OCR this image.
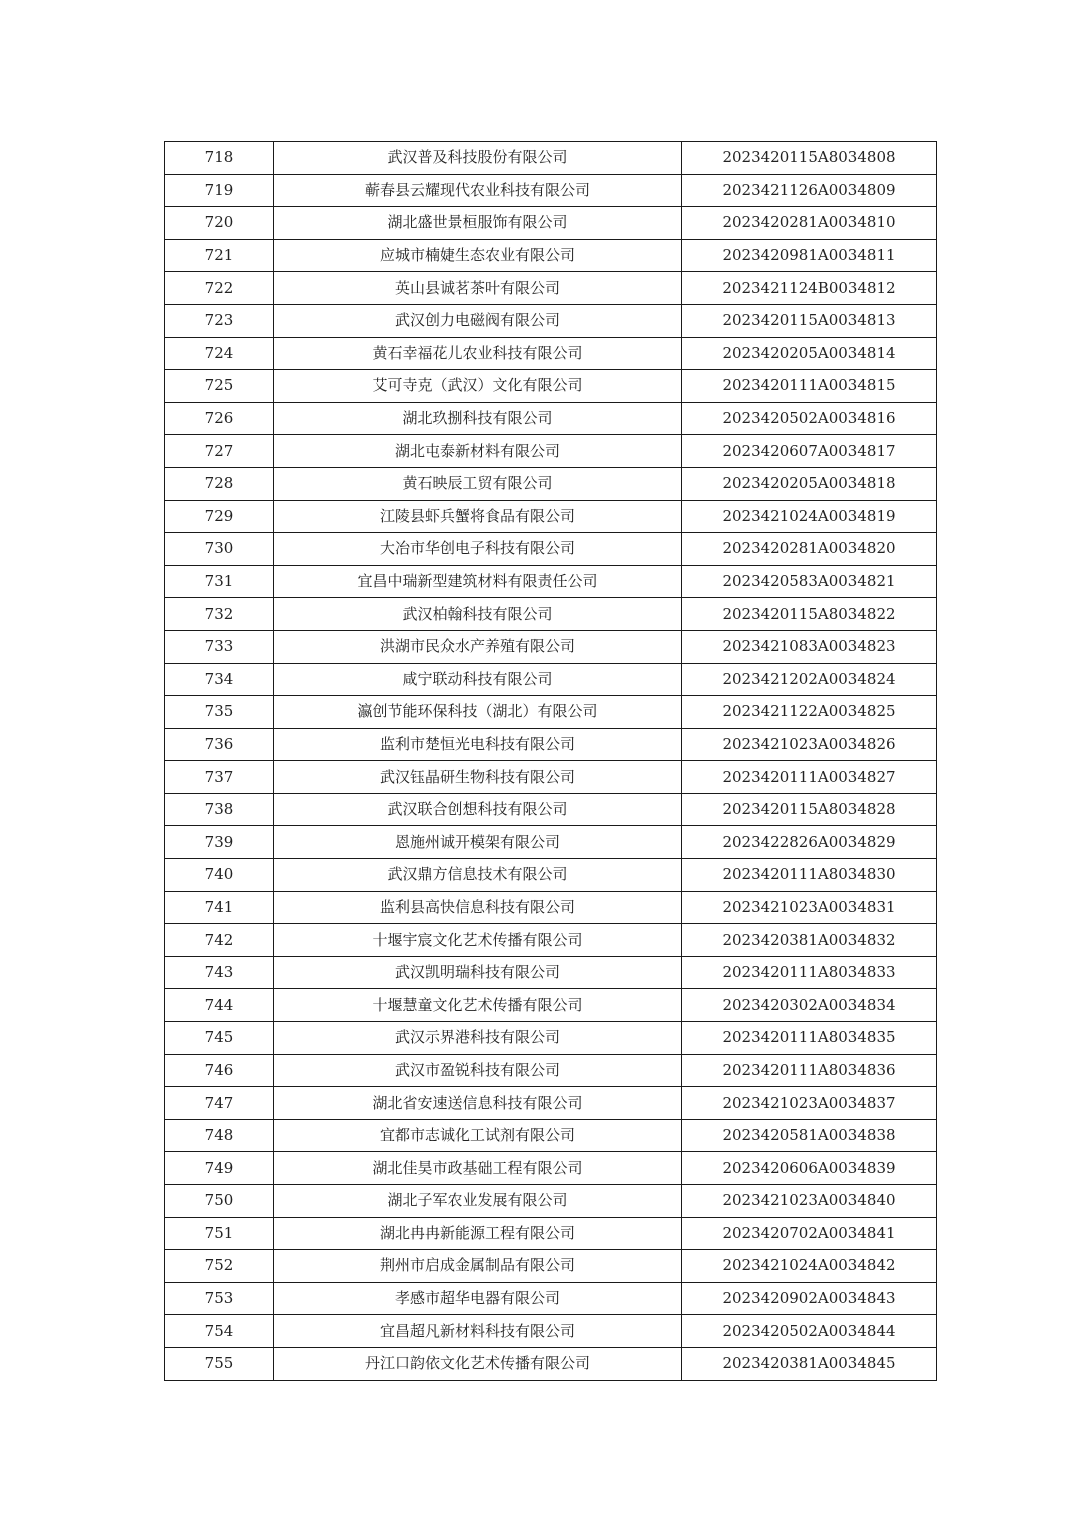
718	武汉普及科技股份有限公司	2023420115A8034808
719	蕲春县云耀现代农业科技有限公司	2023421126A0034809
720	湖北盛世景桓服饰有限公司	2023420281A0034810
721	应城市楠婕生态农业有限公司	2023420981A0034811
722	英山县诚茗茶叶有限公司	2023421124B0034812
723	武汉创力电磁阀有限公司	2023420115A0034813
724	黄石幸福花儿农业科技有限公司	2023420205A0034814
725	艾可寺克（武汉）文化有限公司	2023420111A0034815
726	湖北玖捌科技有限公司	2023420502A0034816
727	湖北屯泰新材料有限公司	2023420607A0034817
728	黄石映辰工贸有限公司	2023420205A0034818
729	江陵县虾兵蟹将食品有限公司	2023421024A0034819
730	大冶市华创电子科技有限公司	2023420281A0034820
731	宜昌中瑞新型建筑材料有限责任公司	2023420583A0034821
732	武汉柏翰科技有限公司	2023420115A8034822
733	洪湖市民众水产养殖有限公司	2023421083A0034823
734	咸宁联动科技有限公司	2023421202A0034824
735	瀛创节能环保科技（湖北）有限公司	2023421122A0034825
736	监利市楚恒光电科技有限公司	2023421023A0034826
737	武汉钰晶研生物科技有限公司	2023420111A0034827
738	武汉联合创想科技有限公司	2023420115A8034828
739	恩施州诚开模架有限公司	2023422826A0034829
740	武汉鼎方信息技术有限公司	2023420111A8034830
741	监利县高快信息科技有限公司	2023421023A0034831
742	十堰宇宸文化艺术传播有限公司	2023420381A0034832
743	武汉凯明瑞科技有限公司	2023420111A8034833
744	十堰慧童文化艺术传播有限公司	2023420302A0034834
745	武汉示界港科技有限公司	2023420111A8034835
746	武汉市盈锐科技有限公司	2023420111A8034836
747	湖北省安速送信息科技有限公司	2023421023A0034837
748	宜都市志诚化工试剂有限公司	2023420581A0034838
749	湖北佳昊市政基础工程有限公司	2023420606A0034839
750	湖北子军农业发展有限公司	2023421023A0034840
751	湖北冉冉新能源工程有限公司	2023420702A0034841
752	荆州市启成金属制品有限公司	2023421024A0034842
753	孝感市超华电器有限公司	2023420902A0034843
754	宜昌超凡新材料科技有限公司	2023420502A0034844
755	丹江口韵依文化艺术传播有限公司	2023420381A0034845
